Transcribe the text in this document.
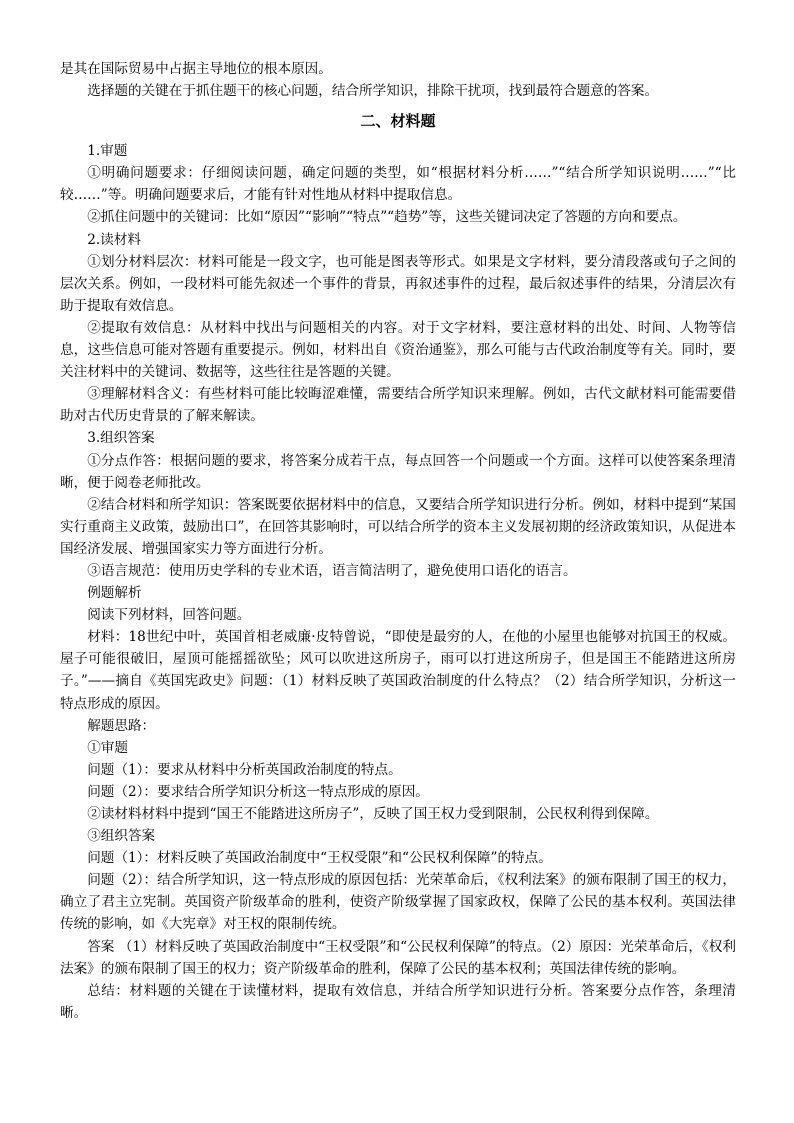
是其在国际贸易中占据主导地位的根本原因。

选择题的关键在于抓住题干的核心问题，结合所学知识，排除干扰项，找到最符合题意的答案。

二、材料题

1.审题

①明确问题要求：仔细阅读问题，确定问题的类型，如“根据材料分析……”“结合所学知识说明……”“比较……”等。明确问题要求后，才能有针对性地从材料中提取信息。

②抓住问题中的关键词：比如“原因”“影响”“特点”“趋势”等，这些关键词决定了答题的方向和要点。

2.读材料

①划分材料层次：材料可能是一段文字，也可能是图表等形式。如果是文字材料，要分清段落或句子之间的层次关系。例如，一段材料可能先叙述一个事件的背景，再叙述事件的过程，最后叙述事件的结果，分清层次有助于提取有效信息。

②提取有效信息：从材料中找出与问题相关的内容。对于文字材料，要注意材料的出处、时间、人物等信息，这些信息可能对答题有重要提示。例如，材料出自《资治通鉴》，那么可能与古代政治制度等有关。同时，要关注材料中的关键词、数据等，这些往往是答题的关键。

③理解材料含义：有些材料可能比较晦涩难懂，需要结合所学知识来理解。例如，古代文献材料可能需要借助对古代历史背景的了解来解读。

3.组织答案

①分点作答：根据问题的要求，将答案分成若干点，每点回答一个问题或一个方面。这样可以使答案条理清晰，便于阅卷老师批改。

②结合材料和所学知识：答案既要依据材料中的信息，又要结合所学知识进行分析。例如，材料中提到“某国实行重商主义政策，鼓励出口”，在回答其影响时，可以结合所学的资本主义发展初期的经济政策知识，从促进本国经济发展、增强国家实力等方面进行分析。

③语言规范：使用历史学科的专业术语，语言简洁明了，避免使用口语化的语言。

例题解析

阅读下列材料，回答问题。

材料：18世纪中叶，英国首相老威廉·皮特曾说，“即使是最穷的人，在他的小屋里也能够对抗国王的权威。屋子可能很破旧，屋顶可能摇摇欲坠；风可以吹进这所房子，雨可以打进这所房子，但是国王不能踏进这所房子。”——摘自《英国宪政史》问题：（1）材料反映了英国政治制度的什么特点？（2）结合所学知识，分析这一特点形成的原因。

解题思路：

①审题

问题（1）：要求从材料中分析英国政治制度的特点。

问题（2）：要求结合所学知识分析这一特点形成的原因。

②读材料材料中提到“国王不能踏进这所房子”，反映了国王权力受到限制，公民权利得到保障。

③组织答案

问题（1）：材料反映了英国政治制度中“王权受限”和“公民权利保障”的特点。

问题（2）：结合所学知识，这一特点形成的原因包括：光荣革命后，《权利法案》的颁布限制了国王的权力，确立了君主立宪制。英国资产阶级革命的胜利，使资产阶级掌握了国家政权，保障了公民的基本权利。英国法律传统的影响，如《大宪章》对王权的限制传统。

答案 （1）材料反映了英国政治制度中“王权受限”和“公民权利保障”的特点。（2）原因：光荣革命后，《权利法案》的颁布限制了国王的权力；资产阶级革命的胜利，保障了公民的基本权利；英国法律传统的影响。

总结：材料题的关键在于读懂材料，提取有效信息，并结合所学知识进行分析。答案要分点作答，条理清晰。
